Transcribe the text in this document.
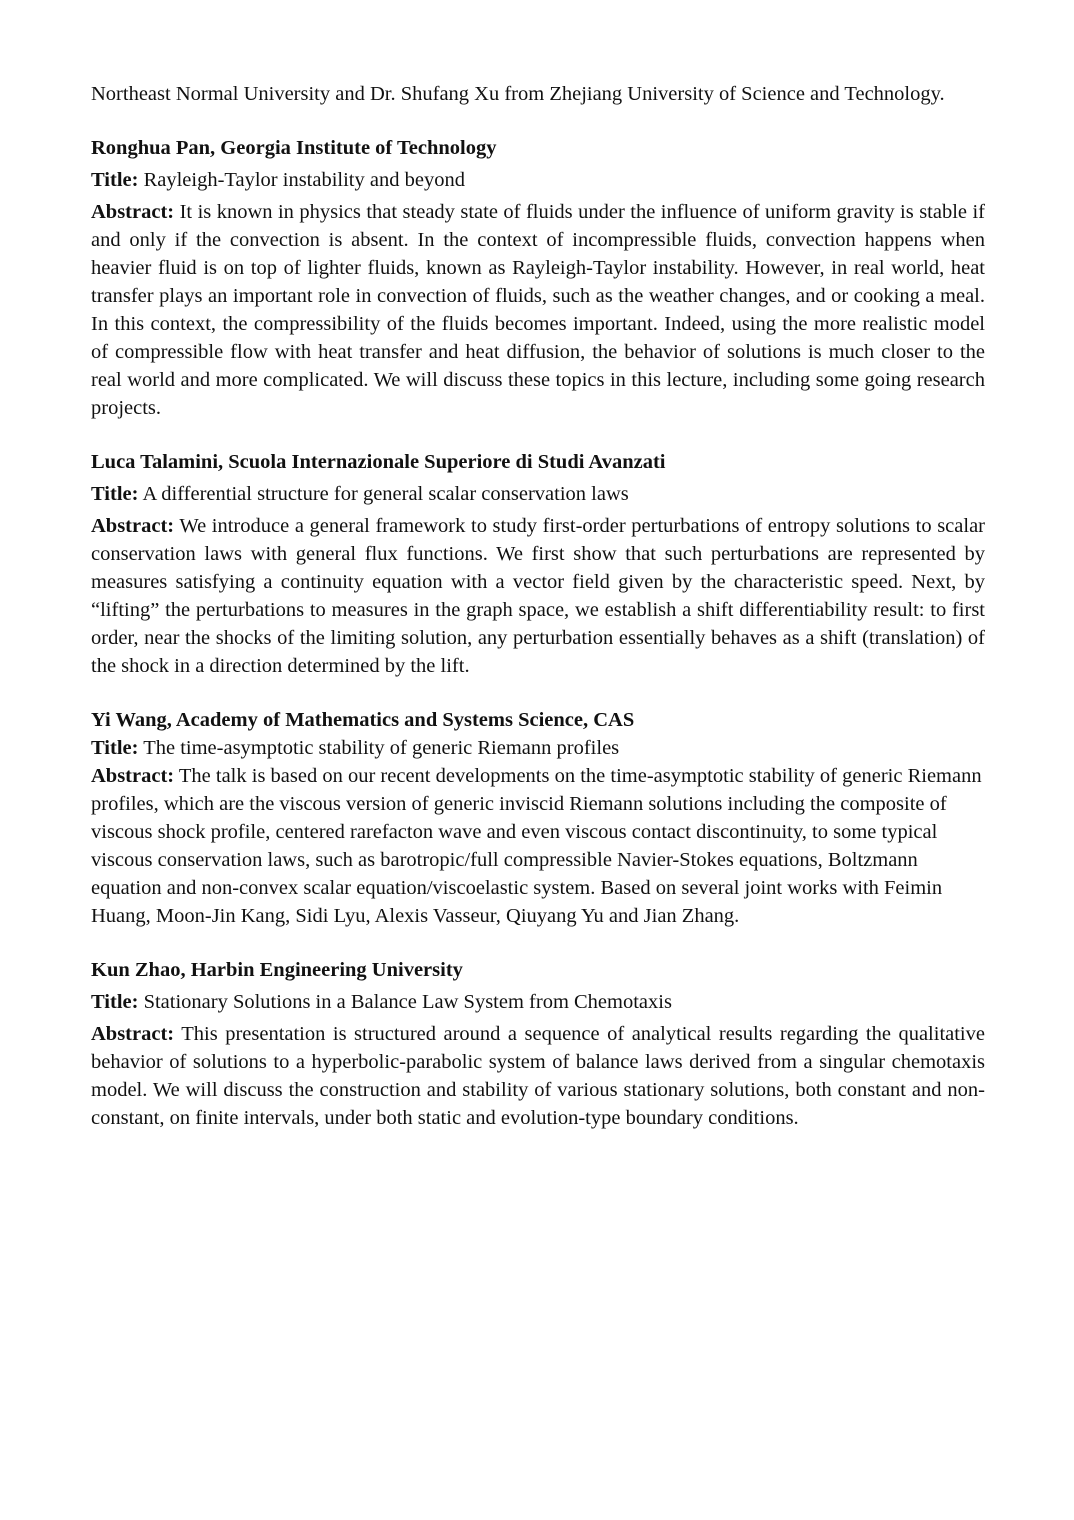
Northeast Normal University and Dr. Shufang Xu from Zhejiang University of Science and Technology.

Ronghua Pan, Georgia Institute of Technology

Title: Rayleigh-Taylor instability and beyond

Abstract: It is known in physics that steady state of fluids under the influence of uniform gravity is stable if and only if the convection is absent. In the context of incompressible fluids, convection happens when heavier fluid is on top of lighter fluids, known as Rayleigh-Taylor instability. However, in real world, heat transfer plays an important role in convection of fluids, such as the weather changes, and or cooking a meal. In this context, the compressibility of the fluids becomes important. Indeed, using the more realistic model of compressible flow with heat transfer and heat diffusion, the behavior of solutions is much closer to the real world and more complicated. We will discuss these topics in this lecture, including some going research projects.

Luca Talamini, Scuola Internazionale Superiore di Studi Avanzati

Title: A differential structure for general scalar conservation laws

Abstract: We introduce a general framework to study first-order perturbations of entropy solutions to scalar conservation laws with general flux functions. We first show that such perturbations are represented by measures satisfying a continuity equation with a vector field given by the characteristic speed. Next, by “lifting” the perturbations to measures in the graph space, we establish a shift differentiability result: to first order, near the shocks of the limiting solution, any perturbation essentially behaves as a shift (translation) of the shock in a direction determined by the lift.

Yi Wang, Academy of Mathematics and Systems Science, CAS

Title: The time-asymptotic stability of generic Riemann profiles

Abstract: The talk is based on our recent developments on the time-asymptotic stability of generic Riemann profiles, which are the viscous version of generic inviscid Riemann solutions including the composite of viscous shock profile, centered rarefacton wave and even viscous contact discontinuity, to some typical viscous conservation laws, such as barotropic/full compressible Navier-Stokes equations, Boltzmann equation and non-convex scalar equation/viscoelastic system. Based on several joint works with Feimin Huang, Moon-Jin Kang, Sidi Lyu, Alexis Vasseur, Qiuyang Yu and Jian Zhang.

Kun Zhao, Harbin Engineering University

Title: Stationary Solutions in a Balance Law System from Chemotaxis

Abstract: This presentation is structured around a sequence of analytical results regarding the qualitative behavior of solutions to a hyperbolic-parabolic system of balance laws derived from a singular chemotaxis model. We will discuss the construction and stability of various stationary solutions, both constant and non-constant, on finite intervals, under both static and evolution-type boundary conditions.
